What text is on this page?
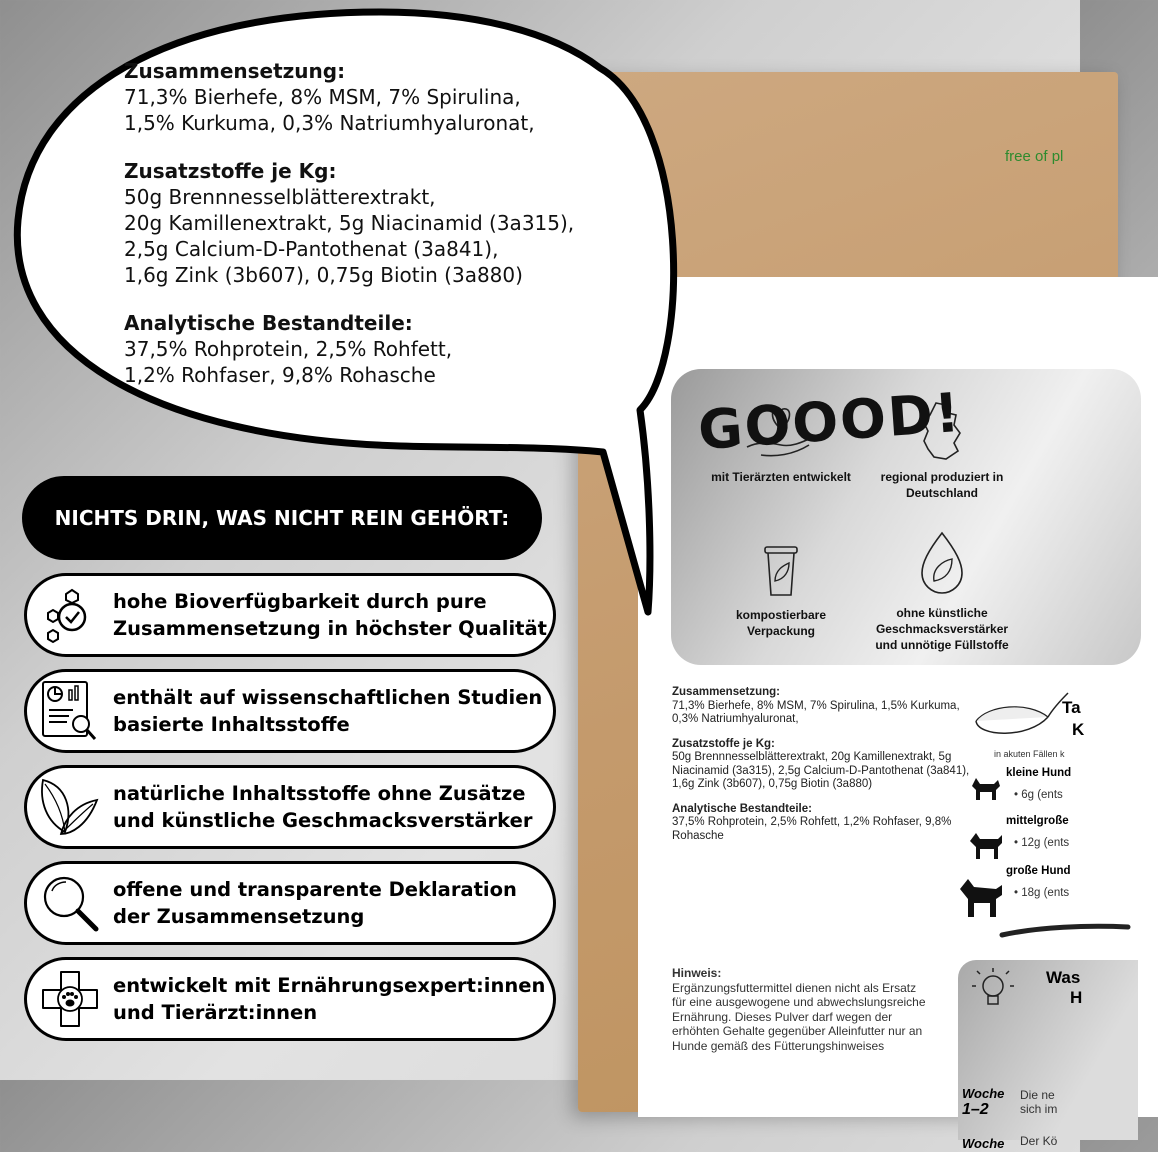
free of pl
mit Tierärzten entwickelt	regional produziert in Deutschland
kompostierbare Verpackung
ohne künstliche Geschmacksverstärker und unnötige Füllstoffe
GOOOD!
Zusammensetzung:
71,3% Bierhefe, 8% MSM, 7% Spirulina, 1,5% Kurkuma, 0,3% Natriumhyaluronat,
Zusatzstoffe je Kg:
50g Brennnesselblätterextrakt, 20g Kamillenextrakt, 5g Niacinamid (3a315), 2,5g Calcium-D-Pantothenat (3a841), 1,6g Zink (3b607), 0,75g Biotin (3a880)
Analytische Bestandteile:
37,5% Rohprotein, 2,5% Rohfett, 1,2% Rohfaser, 9,8% Rohasche
Ta
K
in akuten Fällen k
kleine Hund
• 6g (ents
mittelgroße
• 12g (ents
große Hund
• 18g (ents
Hinweis:
Ergänzungsfuttermittel dienen nicht als Ersatz für eine ausgewogene und abwechslungsreiche Ernährung. Dieses Pulver darf wegen der erhöhten Gehalte gegenüber Alleinfutter nur an Hunde gemäß des Fütterungshinweises
Was
H
Woche
1–2
Die ne
sich im
Woche Der Kö
Zusammensetzung:
71,3% Bierhefe, 8% MSM, 7% Spirulina,
1,5% Kurkuma, 0,3% Natriumhyaluronat,
Zusatzstoffe je Kg:
50g Brennnesselblätterextrakt,
20g Kamillenextrakt, 5g Niacinamid (3a315),
2,5g Calcium-D-Pantothenat (3a841),
1,6g Zink (3b607), 0,75g Biotin (3a880)
Analytische Bestandteile:
37,5% Rohprotein, 2,5% Rohfett,
1,2% Rohfaser, 9,8% Rohasche
NICHTS DRIN, WAS NICHT REIN GEHÖRT:
hohe Bioverfügbarkeit durch pure Zusammensetzung in höchster Qualität
enthält auf wissenschaftlichen Studien basierte Inhaltsstoffe
natürliche Inhaltsstoffe ohne Zusätze und künstliche Geschmacksverstärker
offene und transparente Deklaration der Zusammensetzung
entwickelt mit Ernährungsexpert:innen und Tierärzt:innen
